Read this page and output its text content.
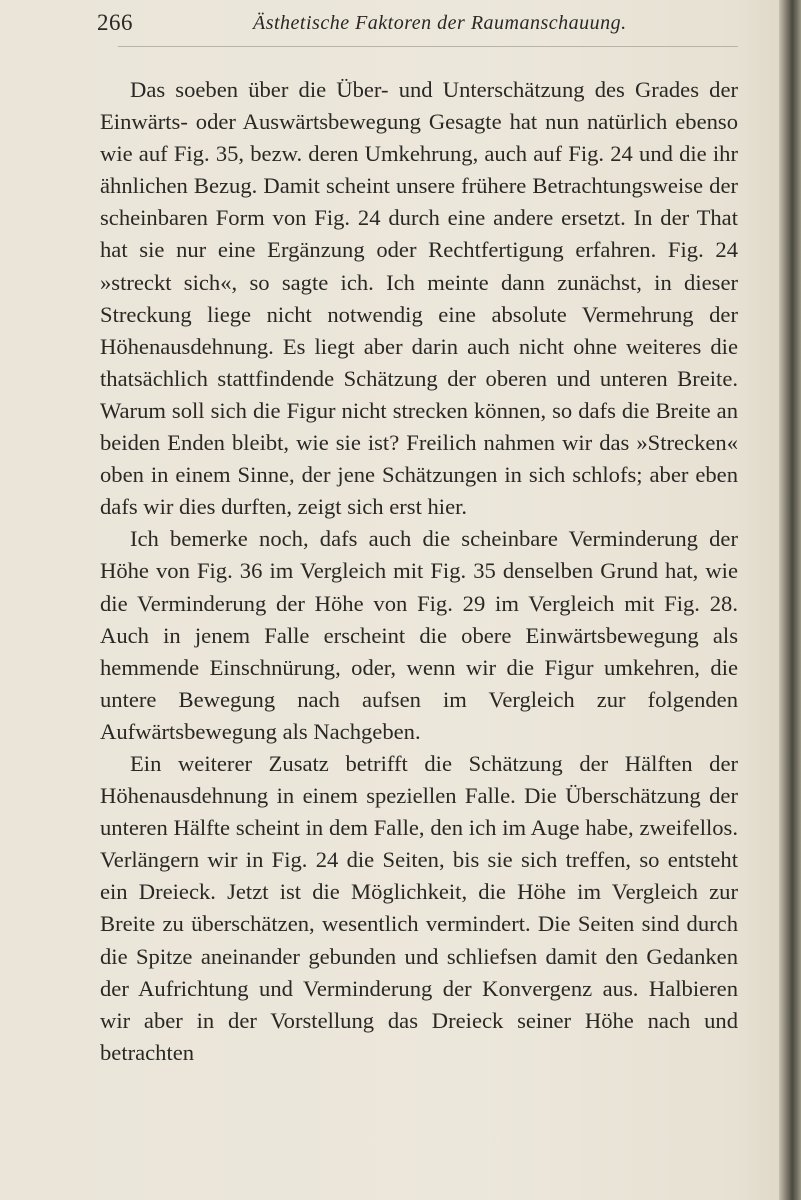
266	Ästhetische Faktoren der Raumanschauung.

Das soeben über die Über- und Unterschätzung des Grades der Einwärts- oder Auswärtsbewegung Gesagte hat nun natürlich ebenso wie auf Fig. 35, bezw. deren Umkehrung, auch auf Fig. 24 und die ihr ähnlichen Bezug. Damit scheint unsere frühere Betrachtungsweise der scheinbaren Form von Fig. 24 durch eine andere ersetzt. In der That hat sie nur eine Ergänzung oder Rechtfertigung erfahren. Fig. 24 »streckt sich«, so sagte ich. Ich meinte dann zunächst, in dieser Streckung liege nicht notwendig eine absolute Vermehrung der Höhenausdehnung. Es liegt aber darin auch nicht ohne weiteres die thatsächlich stattfindende Schätzung der oberen und unteren Breite. Warum soll sich die Figur nicht strecken können, so dafs die Breite an beiden Enden bleibt, wie sie ist? Freilich nahmen wir das »Strecken« oben in einem Sinne, der jene Schätzungen in sich schlofs; aber eben dafs wir dies durften, zeigt sich erst hier.

Ich bemerke noch, dafs auch die scheinbare Verminderung der Höhe von Fig. 36 im Vergleich mit Fig. 35 denselben Grund hat, wie die Verminderung der Höhe von Fig. 29 im Vergleich mit Fig. 28. Auch in jenem Falle erscheint die obere Einwärtsbewegung als hemmende Einschnürung, oder, wenn wir die Figur umkehren, die untere Bewegung nach aufsen im Vergleich zur folgenden Aufwärtsbewegung als Nachgeben.

Ein weiterer Zusatz betrifft die Schätzung der Hälften der Höhenausdehnung in einem speziellen Falle. Die Überschätzung der unteren Hälfte scheint in dem Falle, den ich im Auge habe, zweifellos. Verlängern wir in Fig. 24 die Seiten, bis sie sich treffen, so entsteht ein Dreieck. Jetzt ist die Möglichkeit, die Höhe im Vergleich zur Breite zu überschätzen, wesentlich vermindert. Die Seiten sind durch die Spitze aneinander gebunden und schliefsen damit den Gedanken der Aufrichtung und Verminderung der Konvergenz aus. Halbieren wir aber in der Vorstellung das Dreieck seiner Höhe nach und betrachten
